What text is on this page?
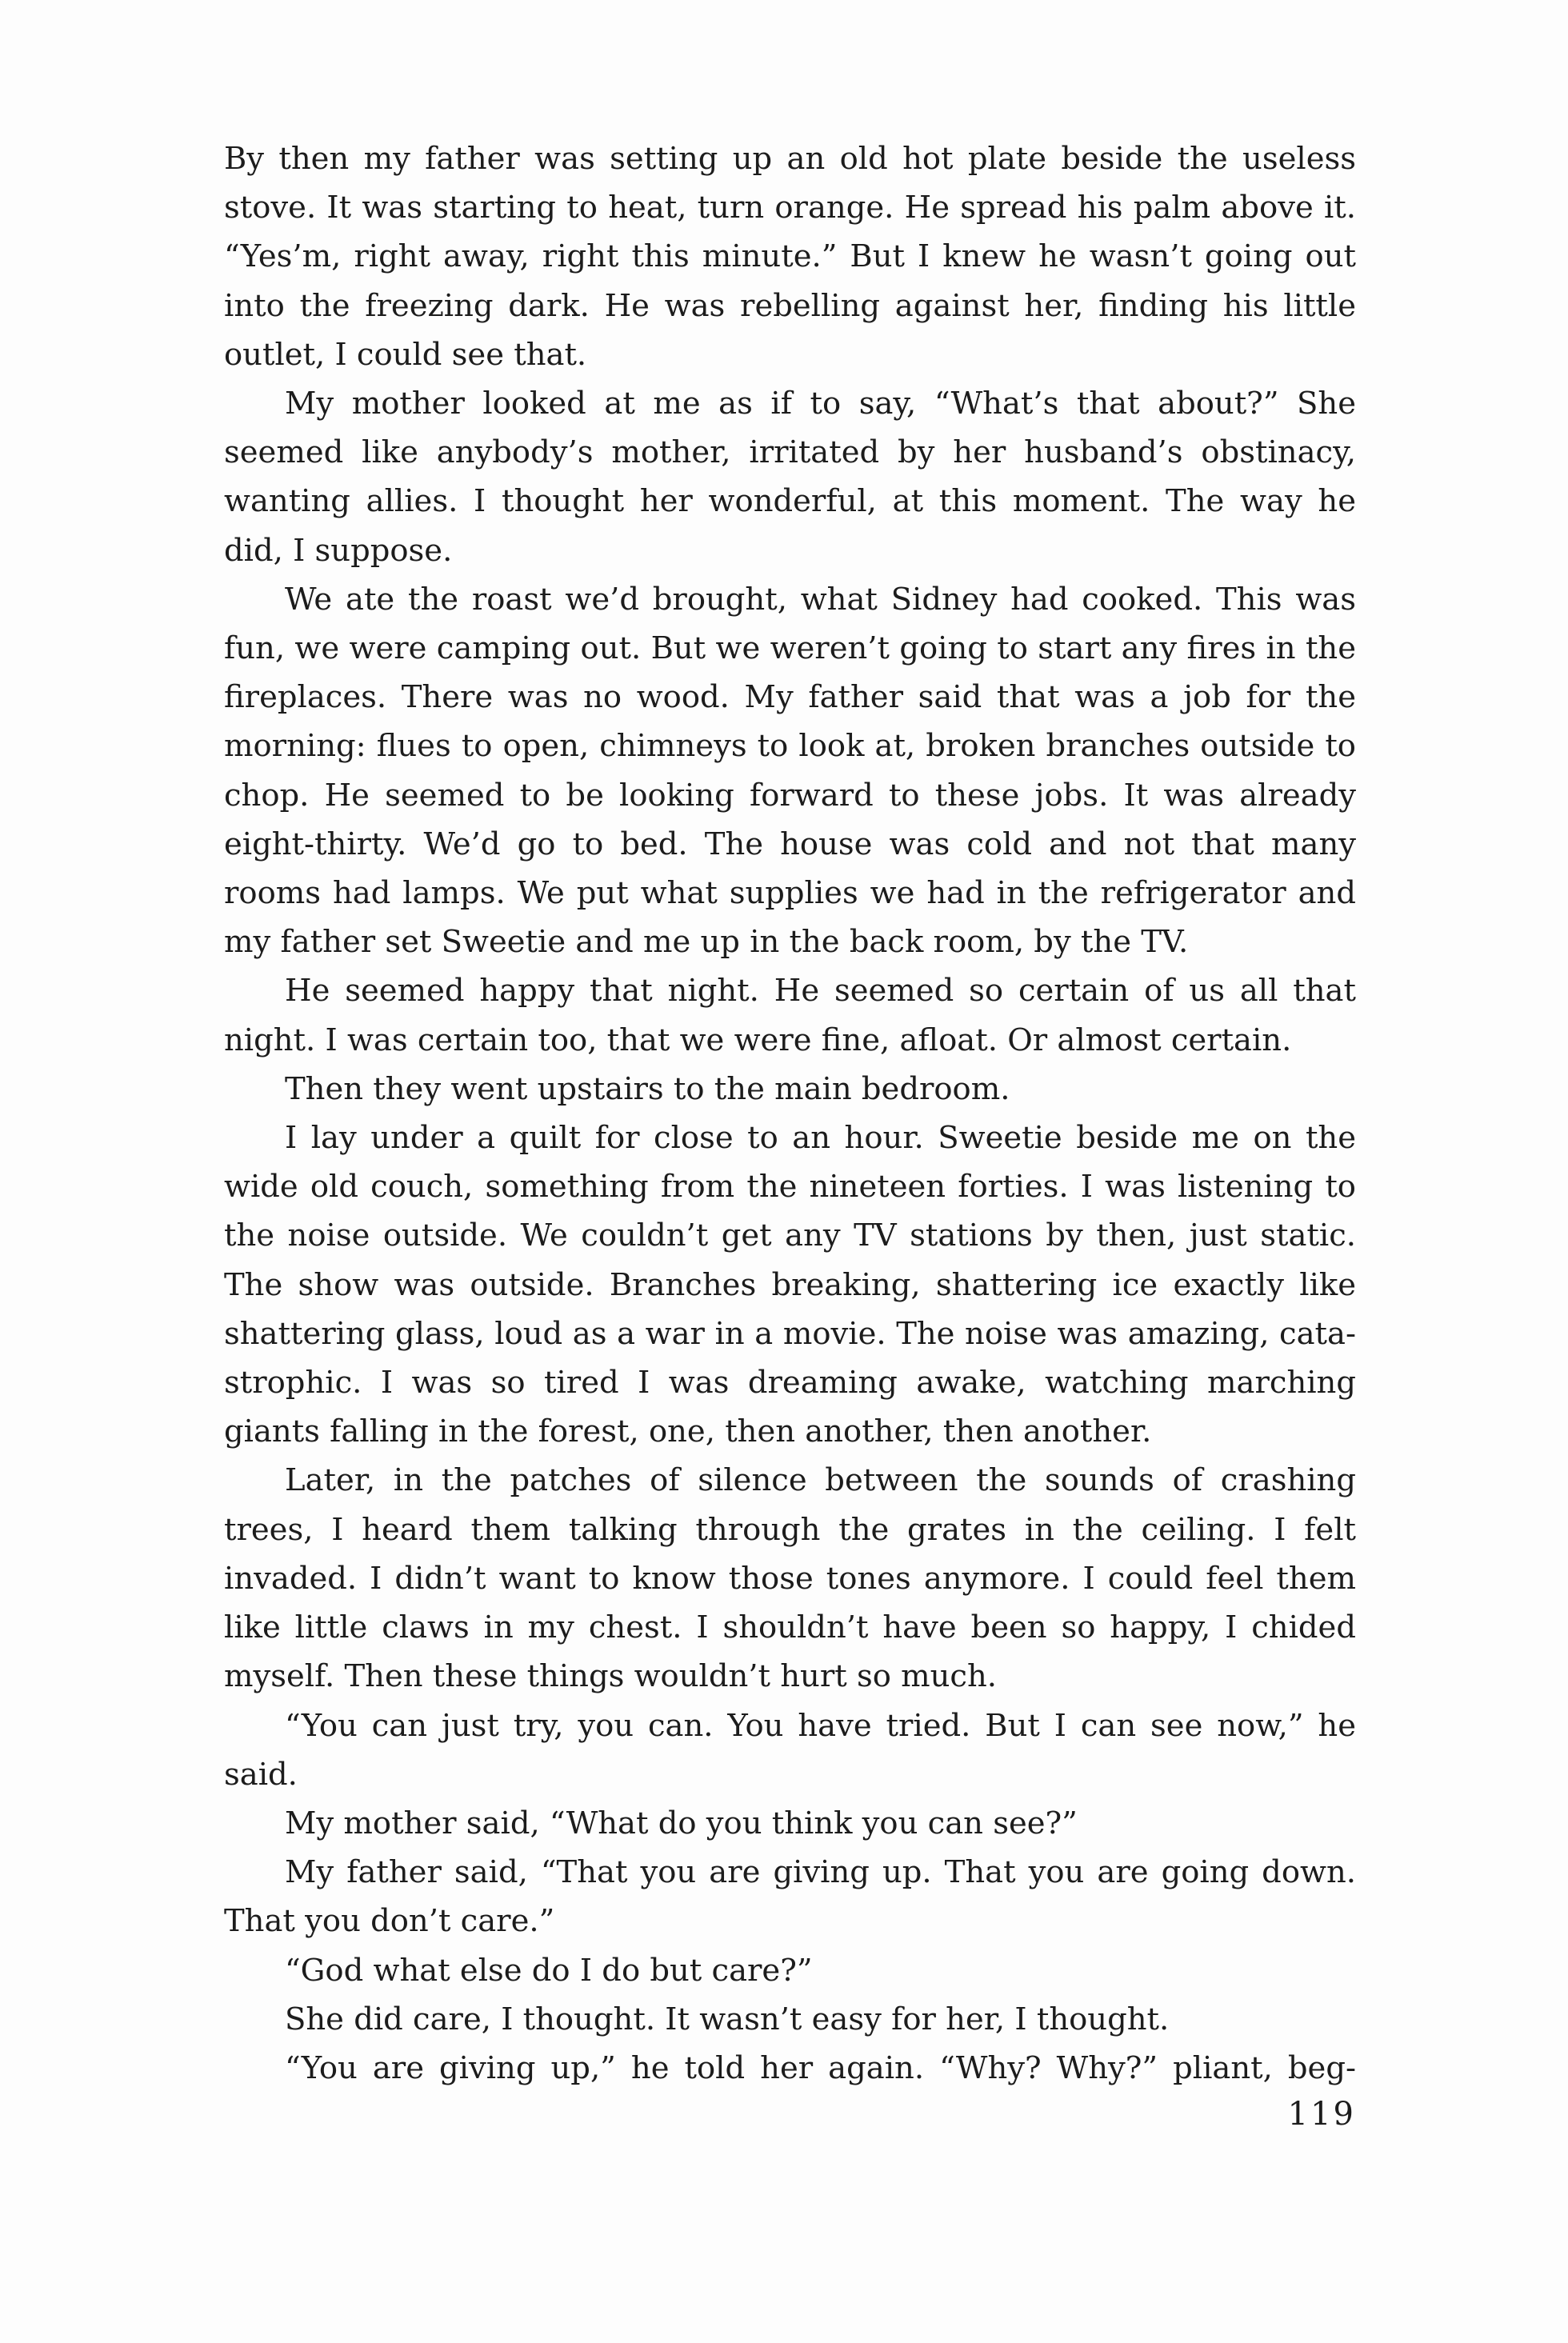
By then my father was setting up an old hot plate beside the useless stove. It was starting to heat, turn orange. He spread his palm above it. “Yes’m, right away, right this minute.” But I knew he wasn’t going out into the freezing dark. He was rebelling against her, finding his little outlet, I could see that.

My mother looked at me as if to say, “What’s that about?” She seemed like anybody’s mother, irritated by her husband’s obstinacy, wanting allies. I thought her wonderful, at this moment. The way he did, I suppose.

We ate the roast we’d brought, what Sidney had cooked. This was fun, we were camping out. But we weren’t going to start any fires in the fireplaces. There was no wood. My father said that was a job for the morning: flues to open, chimneys to look at, broken branches outside to chop. He seemed to be looking forward to these jobs. It was already eight-thirty. We’d go to bed. The house was cold and not that many rooms had lamps. We put what supplies we had in the refrigerator and my father set Sweetie and me up in the back room, by the TV.

He seemed happy that night. He seemed so certain of us all that night. I was certain too, that we were fine, afloat. Or almost certain.

Then they went upstairs to the main bedroom.

I lay under a quilt for close to an hour. Sweetie beside me on the wide old couch, something from the nineteen forties. I was listening to the noise outside. We couldn’t get any TV stations by then, just static. The show was outside. Branches breaking, shattering ice exactly like shattering glass, loud as a war in a movie. The noise was amazing, catastrophic. I was so tired I was dreaming awake, watching marching giants falling in the forest, one, then another, then another.

Later, in the patches of silence between the sounds of crashing trees, I heard them talking through the grates in the ceiling. I felt invaded. I didn’t want to know those tones anymore. I could feel them like little claws in my chest. I shouldn’t have been so happy, I chided myself. Then these things wouldn’t hurt so much.

“You can just try, you can. You have tried. But I can see now,” he said.

My mother said, “What do you think you can see?”

My father said, “That you are giving up. That you are going down. That you don’t care.”

“God what else do I do but care?”

She did care, I thought. It wasn’t easy for her, I thought.

“You are giving up,” he told her again. “Why? Why?” pliant, beg-

119
